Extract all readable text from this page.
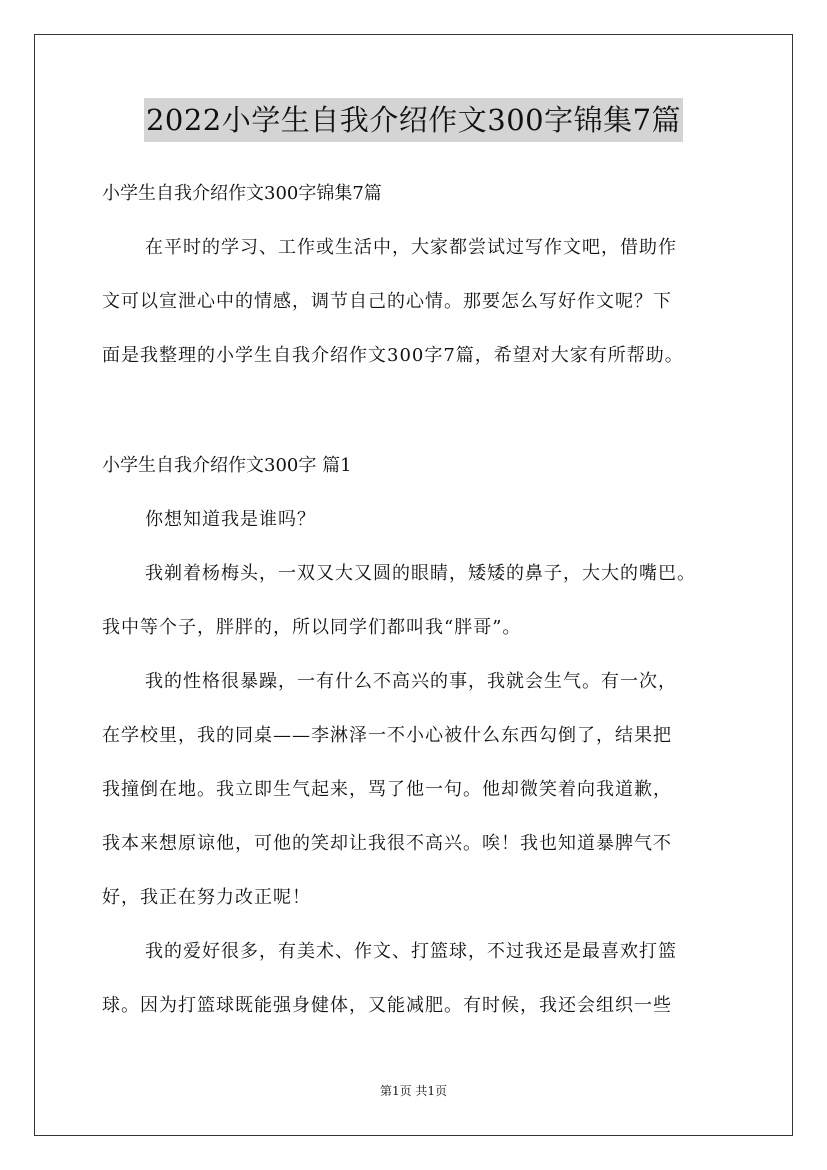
2022小学生自我介绍作文300字锦集7篇
小学生自我介绍作文300字锦集7篇
在平时的学习、工作或生活中，大家都尝试过写作文吧，借助作
文可以宣泄心中的情感，调节自己的心情。那要怎么写好作文呢？下
面是我整理的小学生自我介绍作文300字7篇，希望对大家有所帮助。
小学生自我介绍作文300字 篇1
你想知道我是谁吗？
我剃着杨梅头，一双又大又圆的眼睛，矮矮的鼻子，大大的嘴巴。
我中等个子，胖胖的，所以同学们都叫我“胖哥”。
我的性格很暴躁，一有什么不高兴的事，我就会生气。有一次，
在学校里，我的同桌——李淋泽一不小心被什么东西勾倒了，结果把
我撞倒在地。我立即生气起来，骂了他一句。他却微笑着向我道歉，
我本来想原谅他，可他的笑却让我很不高兴。唉！我也知道暴脾气不
好，我正在努力改正呢！
我的爱好很多，有美术、作文、打篮球，不过我还是最喜欢打篮
球。因为打篮球既能强身健体，又能减肥。有时候，我还会组织一些
第1页 共1页
